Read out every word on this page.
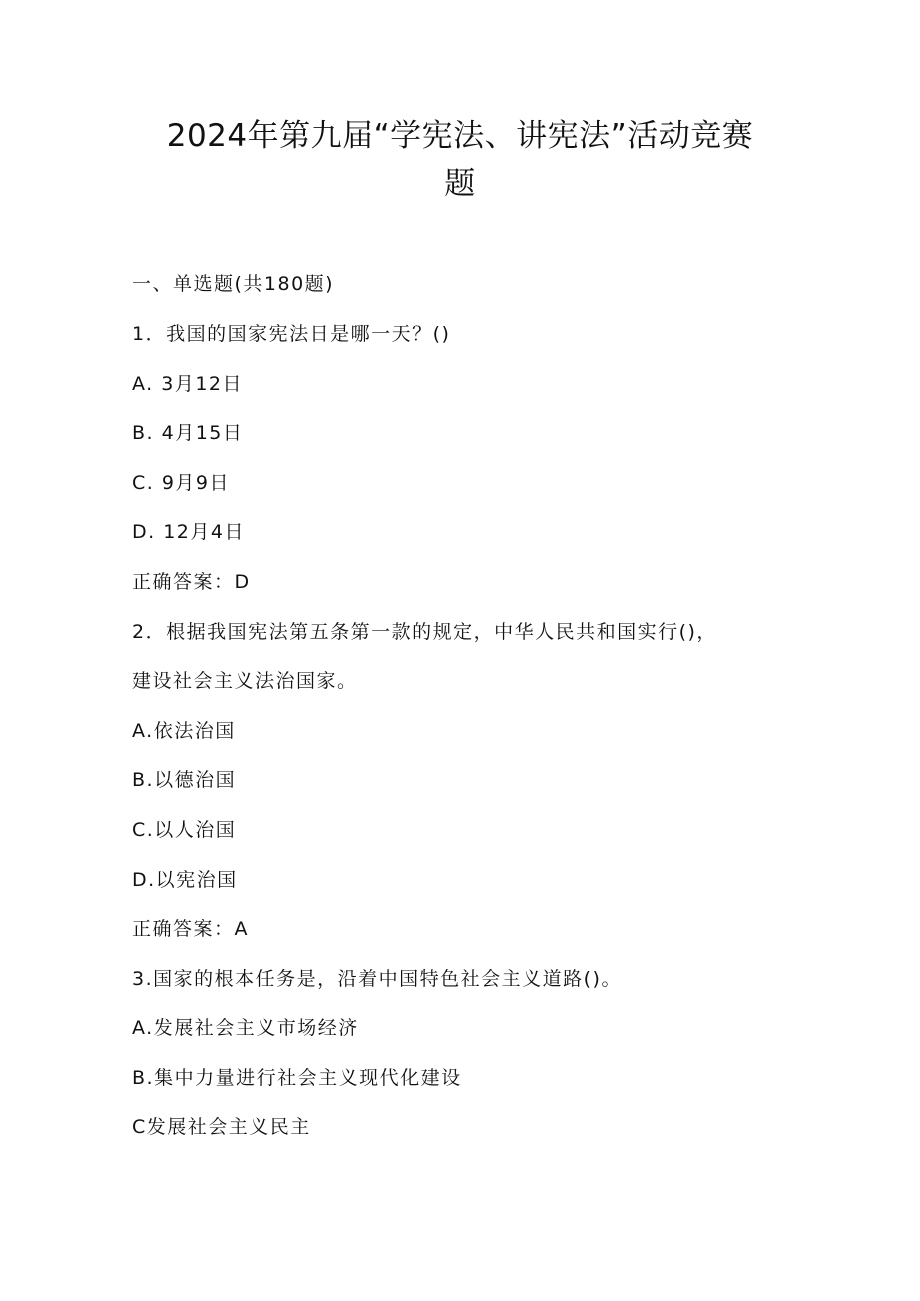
2024年第九届“学宪法、讲宪法”活动竞赛
题

一、单选题(共180题)

1．我国的国家宪法日是哪一天？()

A. 3月12日

B. 4月15日

C. 9月9日

D. 12月4日

正确答案：D

2．根据我国宪法第五条第一款的规定，中华人民共和国实行()，

建设社会主义法治国家。

A.依法治国

B.以德治国

C.以人治国

D.以宪治国

正确答案：A

3.国家的根本任务是，沿着中国特色社会主义道路()。

A.发展社会主义市场经济

B.集中力量进行社会主义现代化建设

C发展社会主义民主
